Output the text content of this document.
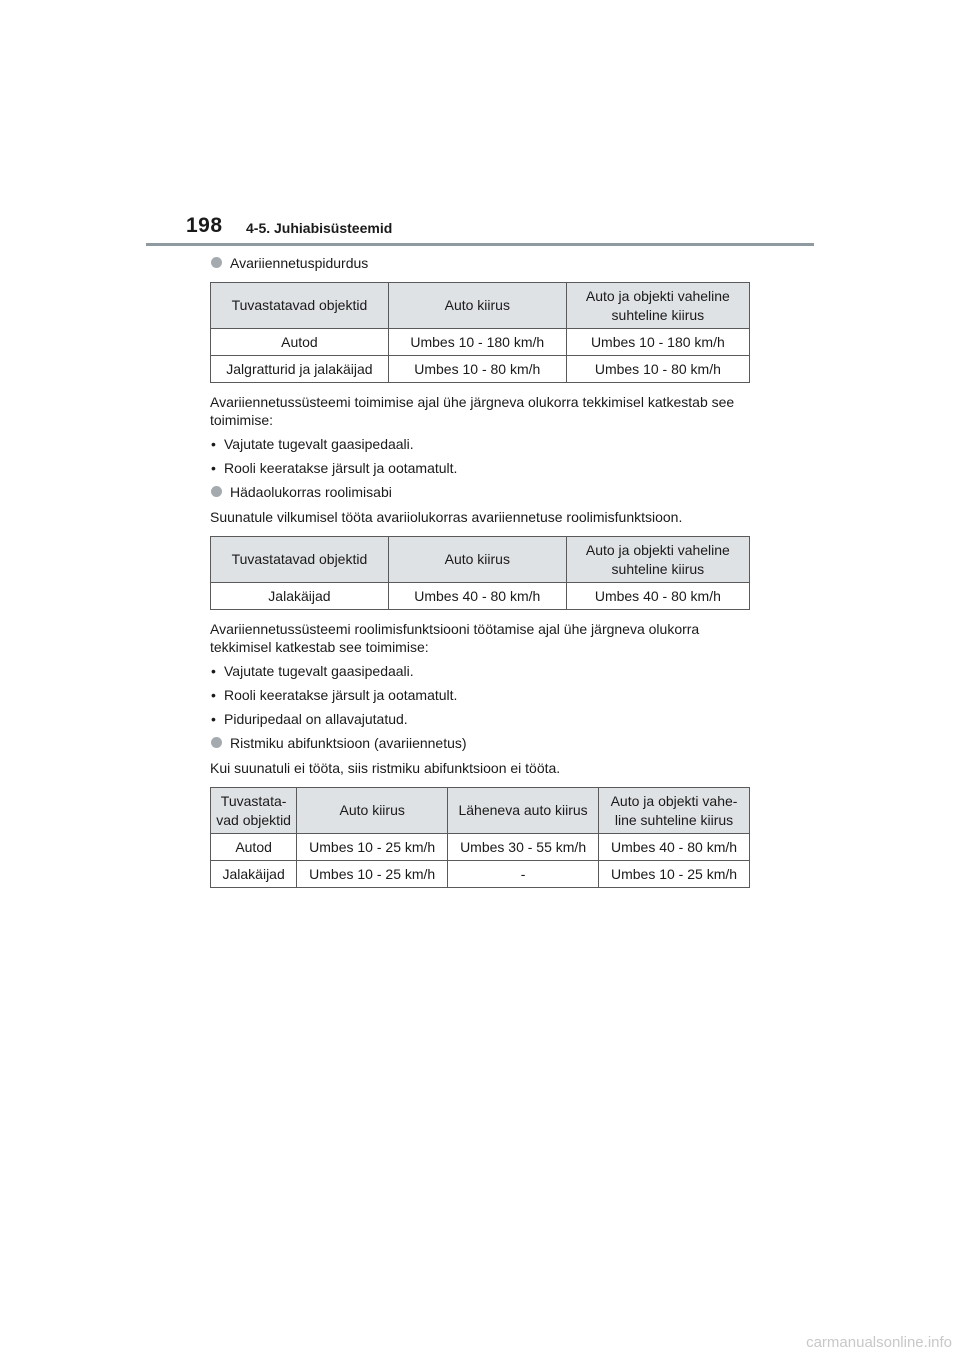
198 4-5. Juhiabisüsteemid
Avariiennetuspidurdus
Tuvastatavad objektid	Auto kiirus	Auto ja objekti vaheline suhteline kiirus
Autod	Umbes 10 - 180 km/h	Umbes 10 - 180 km/h
Jalgratturid ja jalakäijad	Umbes 10 - 80 km/h	Umbes 10 - 80 km/h

Avariiennetussüsteemi toimimise ajal ühe järgneva olukorra tekkimisel katkestab see toimimise:

• Vajutate tugevalt gaasipedaali.
• Rooli keeratakse järsult ja ootamatult.
Hädaolukorras roolimisabi

Suunatule vilkumisel tööta avariiolukorras avariiennetuse roolimisfunktsioon.

Tuvastatavad objektid	Auto kiirus	Auto ja objekti vaheline suhteline kiirus
Jalakäijad	Umbes 40 - 80 km/h	Umbes 40 - 80 km/h

Avariiennetussüsteemi roolimisfunktsiooni töötamise ajal ühe järgneva olukorra tekkimisel katkestab see toimimise:

• Vajutate tugevalt gaasipedaali.
• Rooli keeratakse järsult ja ootamatult.
• Piduripedaal on allavajutatud.
Ristmiku abifunktsioon (avariiennetus)

Kui suunatuli ei tööta, siis ristmiku abifunktsioon ei tööta.

Tuvastata-vad objektid	Auto kiirus	Läheneva auto kiirus	Auto ja objekti vahe-line suhteline kiirus
Autod	Umbes 10 - 25 km/h	Umbes 30 - 55 km/h	Umbes 40 - 80 km/h
Jalakäijad	Umbes 10 - 25 km/h	-	Umbes 10 - 25 km/h
carmanualsonline.info
